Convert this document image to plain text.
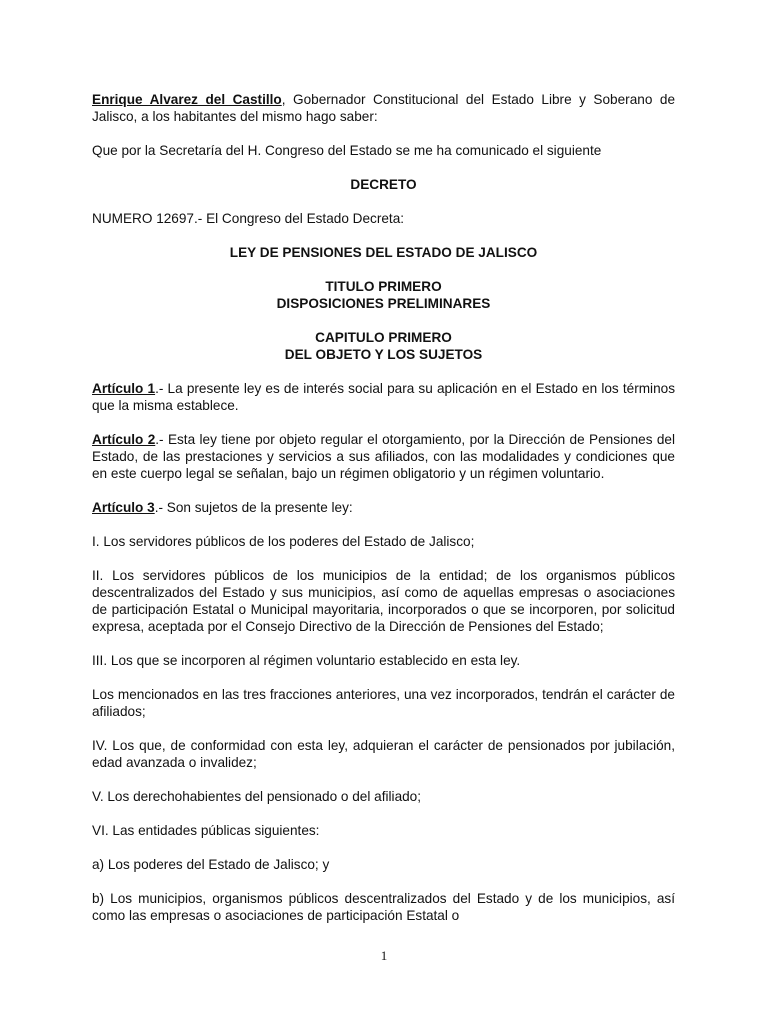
Enrique Alvarez del Castillo, Gobernador Constitucional del Estado Libre y Soberano de Jalisco, a los habitantes del mismo hago saber:

Que por la Secretaría del H. Congreso del Estado se me ha comunicado el siguiente

DECRETO

NUMERO 12697.- El Congreso del Estado Decreta:

LEY DE PENSIONES DEL ESTADO DE JALISCO
TITULO PRIMERO
DISPOSICIONES PRELIMINARES
CAPITULO PRIMERO
DEL OBJETO Y LOS SUJETOS

Artículo 1.- La presente ley es de interés social para su aplicación en el Estado en los términos que la misma establece.

Artículo 2.- Esta ley tiene por objeto regular el otorgamiento, por la Dirección de Pensiones del Estado, de las prestaciones y servicios a sus afiliados, con las modalidades y condiciones que en este cuerpo legal se señalan, bajo un régimen obligatorio y un régimen voluntario.

Artículo 3.- Son sujetos de la presente ley:

I. Los servidores públicos de los poderes del Estado de Jalisco;

II. Los servidores públicos de los municipios de la entidad; de los organismos públicos descentralizados del Estado y sus municipios, así como de aquellas empresas o asociaciones de participación Estatal o Municipal mayoritaria, incorporados o que se incorporen, por solicitud expresa, aceptada por el Consejo Directivo de la Dirección de Pensiones del Estado;

III. Los que se incorporen al régimen voluntario establecido en esta ley.

Los mencionados en las tres fracciones anteriores, una vez incorporados, tendrán el carácter de afiliados;

IV. Los que, de conformidad con esta ley, adquieran el carácter de pensionados por jubilación, edad avanzada o invalidez;

V. Los derechohabientes del pensionado o del afiliado;

VI. Las entidades públicas siguientes:

a) Los poderes del Estado de Jalisco; y

b) Los municipios, organismos públicos descentralizados del Estado y de los municipios, así como las empresas o asociaciones de participación Estatal o

1
